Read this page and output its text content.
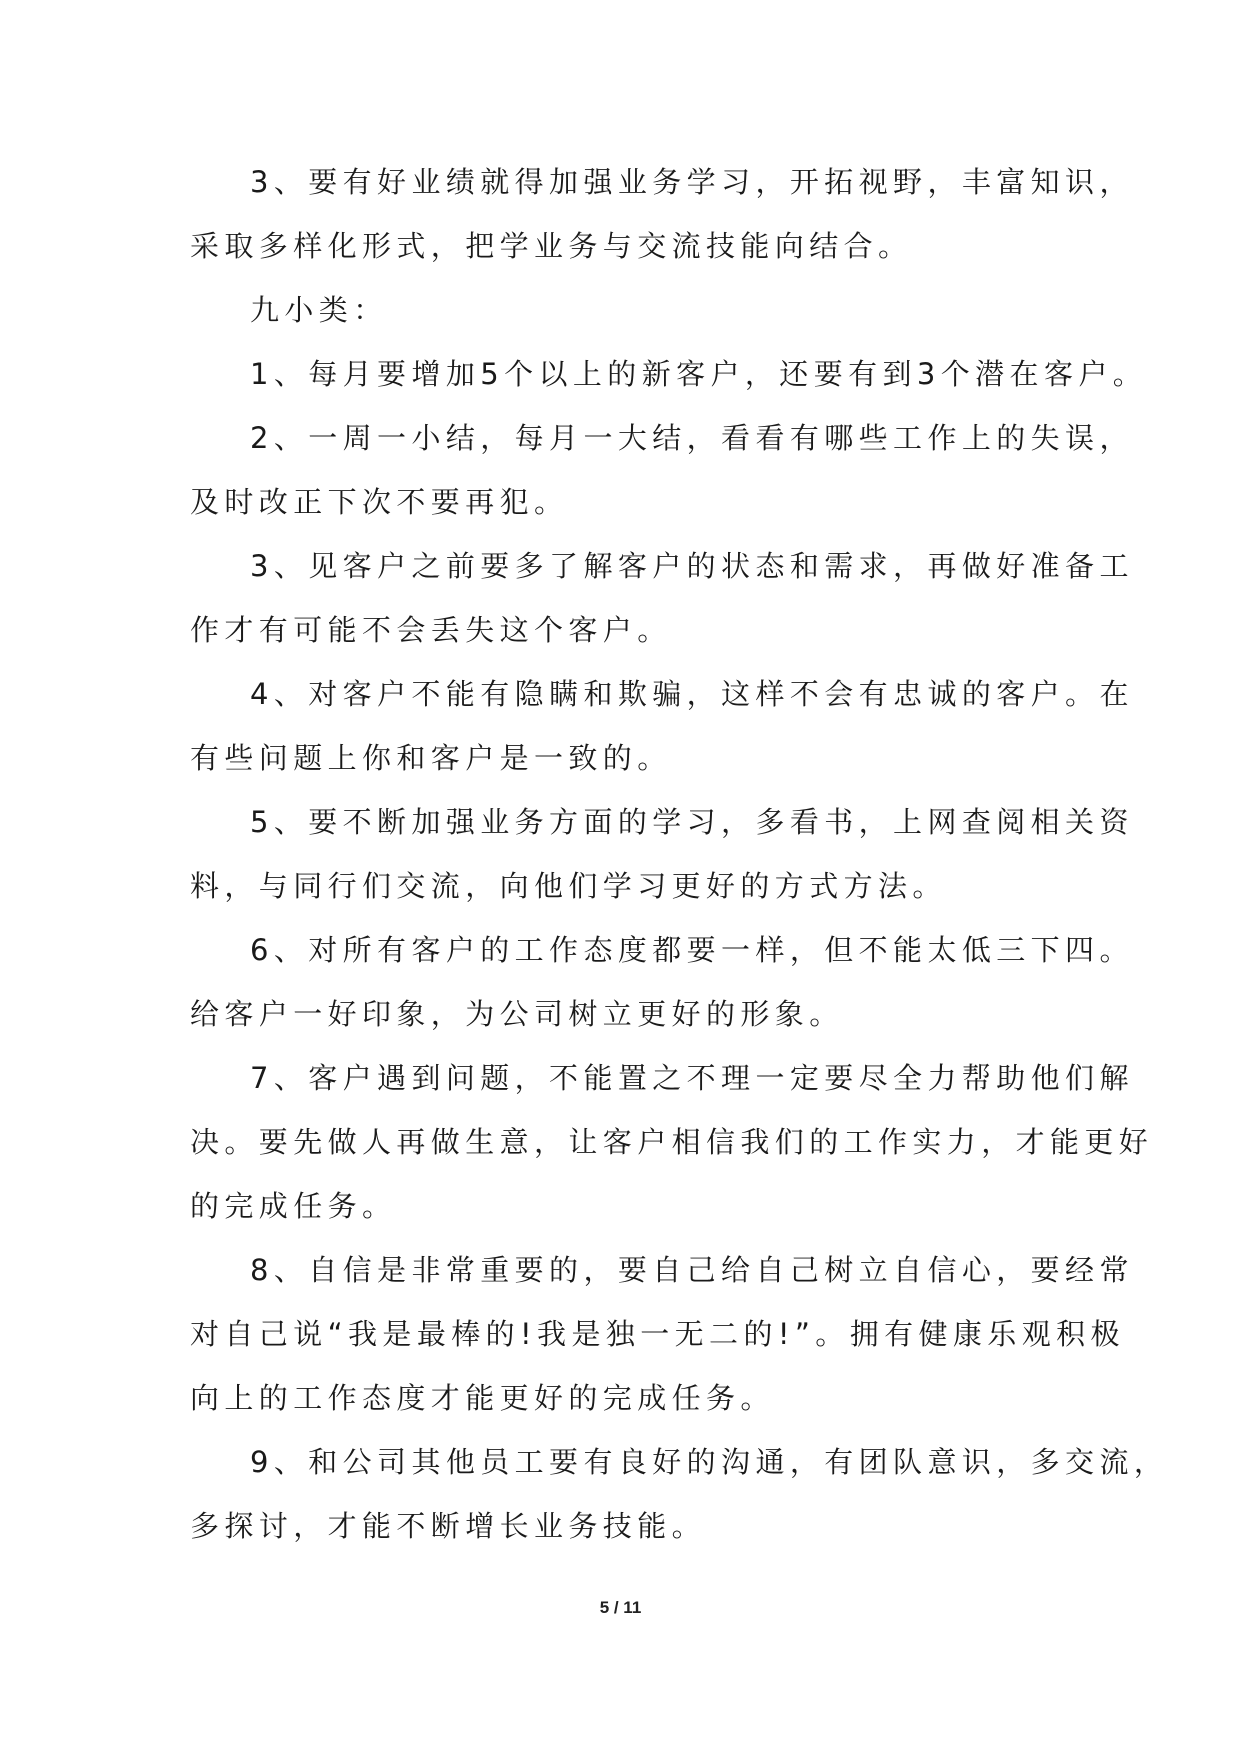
3、要有好业绩就得加强业务学习，开拓视野，丰富知识，
采取多样化形式，把学业务与交流技能向结合。
九小类：
1、每月要增加5个以上的新客户，还要有到3个潜在客户。
2、一周一小结，每月一大结，看看有哪些工作上的失误，
及时改正下次不要再犯。
3、见客户之前要多了解客户的状态和需求，再做好准备工
作才有可能不会丢失这个客户。
4、对客户不能有隐瞒和欺骗，这样不会有忠诚的客户。在
有些问题上你和客户是一致的。
5、要不断加强业务方面的学习，多看书，上网查阅相关资
料，与同行们交流，向他们学习更好的方式方法。
6、对所有客户的工作态度都要一样，但不能太低三下四。
给客户一好印象，为公司树立更好的形象。
7、客户遇到问题，不能置之不理一定要尽全力帮助他们解
决。要先做人再做生意，让客户相信我们的工作实力，才能更好
的完成任务。
8、自信是非常重要的，要自己给自己树立自信心，要经常
对自己说“我是最棒的!我是独一无二的!”。拥有健康乐观积极
向上的工作态度才能更好的完成任务。
9、和公司其他员工要有良好的沟通，有团队意识，多交流，
多探讨，才能不断增长业务技能。
5 / 11
